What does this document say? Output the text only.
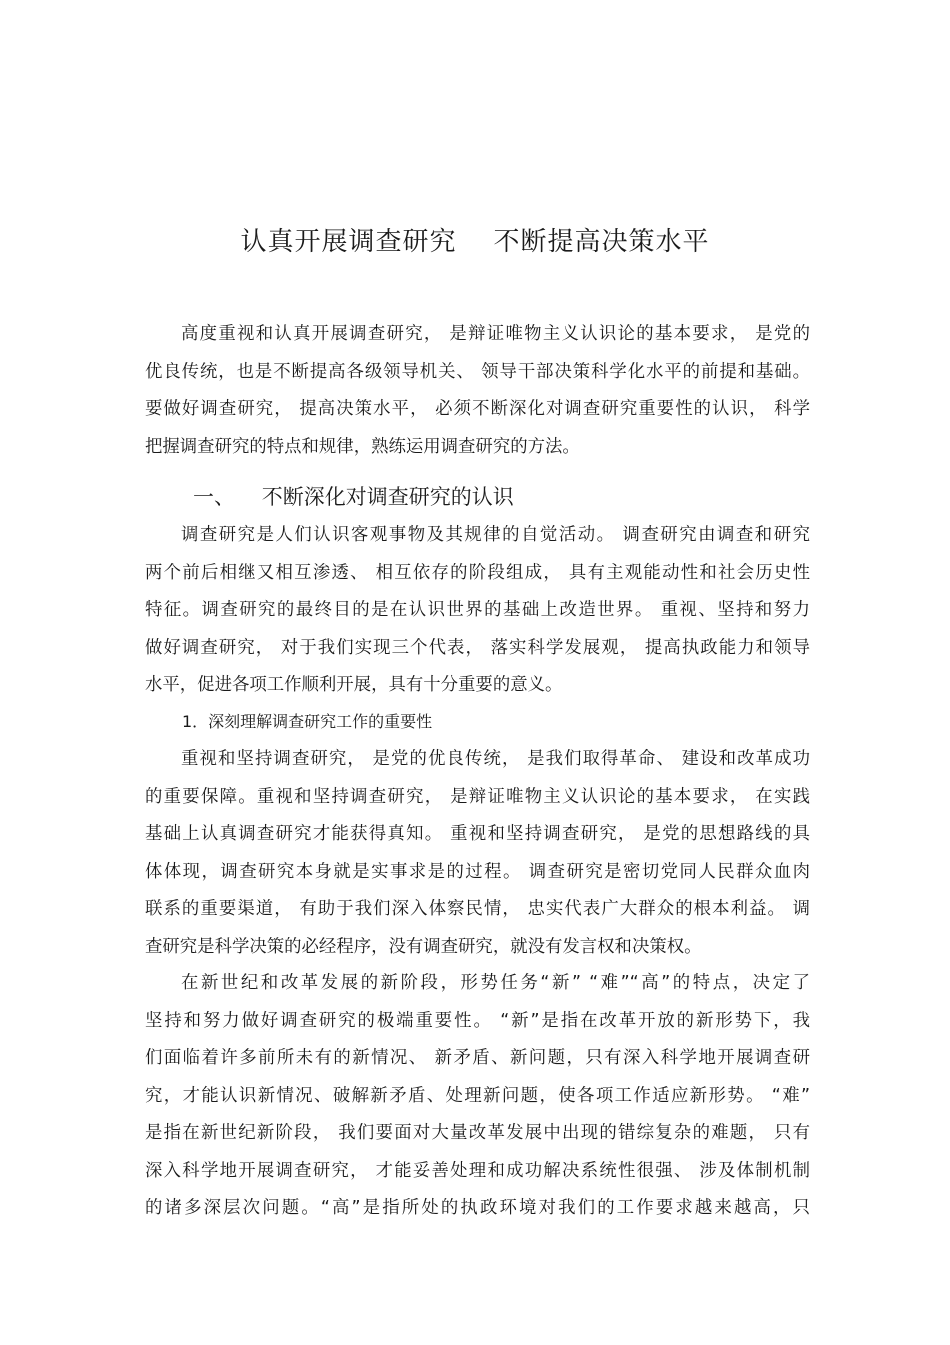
认真开展调查研究    不断提高决策水平

高度重视和认真开展调查研究， 是辩证唯物主义认识论的基本要求， 是党的
优良传统，也是不断提高各级领导机关、 领导干部决策科学化水平的前提和基础。
要做好调查研究， 提高决策水平， 必须不断深化对调查研究重要性的认识， 科学
把握调查研究的特点和规律，熟练运用调查研究的方法。

一、    不断深化对调查研究的认识

调查研究是人们认识客观事物及其规律的自觉活动。 调查研究由调查和研究
两个前后相继又相互渗透、 相互依存的阶段组成， 具有主观能动性和社会历史性
特征。调查研究的最终目的是在认识世界的基础上改造世界。 重视、坚持和努力
做好调查研究， 对于我们实现三个代表， 落实科学发展观， 提高执政能力和领导
水平，促进各项工作顺利开展，具有十分重要的意义。

1．深刻理解调查研究工作的重要性

重视和坚持调查研究， 是党的优良传统， 是我们取得革命、 建设和改革成功
的重要保障。重视和坚持调查研究， 是辩证唯物主义认识论的基本要求， 在实践
基础上认真调查研究才能获得真知。 重视和坚持调查研究， 是党的思想路线的具
体体现，调查研究本身就是实事求是的过程。 调查研究是密切党同人民群众血肉
联系的重要渠道， 有助于我们深入体察民情， 忠实代表广大群众的根本利益。 调
查研究是科学决策的必经程序，没有调查研究，就没有发言权和决策权。

在新世纪和改革发展的新阶段，形势任务“新” “难”“高”的特点，决定了
坚持和努力做好调查研究的极端重要性。 “新”是指在改革开放的新形势下，我
们面临着许多前所未有的新情况、 新矛盾、新问题，只有深入科学地开展调查研
究，才能认识新情况、破解新矛盾、处理新问题，使各项工作适应新形势。 “难”
是指在新世纪新阶段， 我们要面对大量改革发展中出现的错综复杂的难题， 只有
深入科学地开展调查研究， 才能妥善处理和成功解决系统性很强、 涉及体制机制
的诸多深层次问题。“高”是指所处的执政环境对我们的工作要求越来越高，只
